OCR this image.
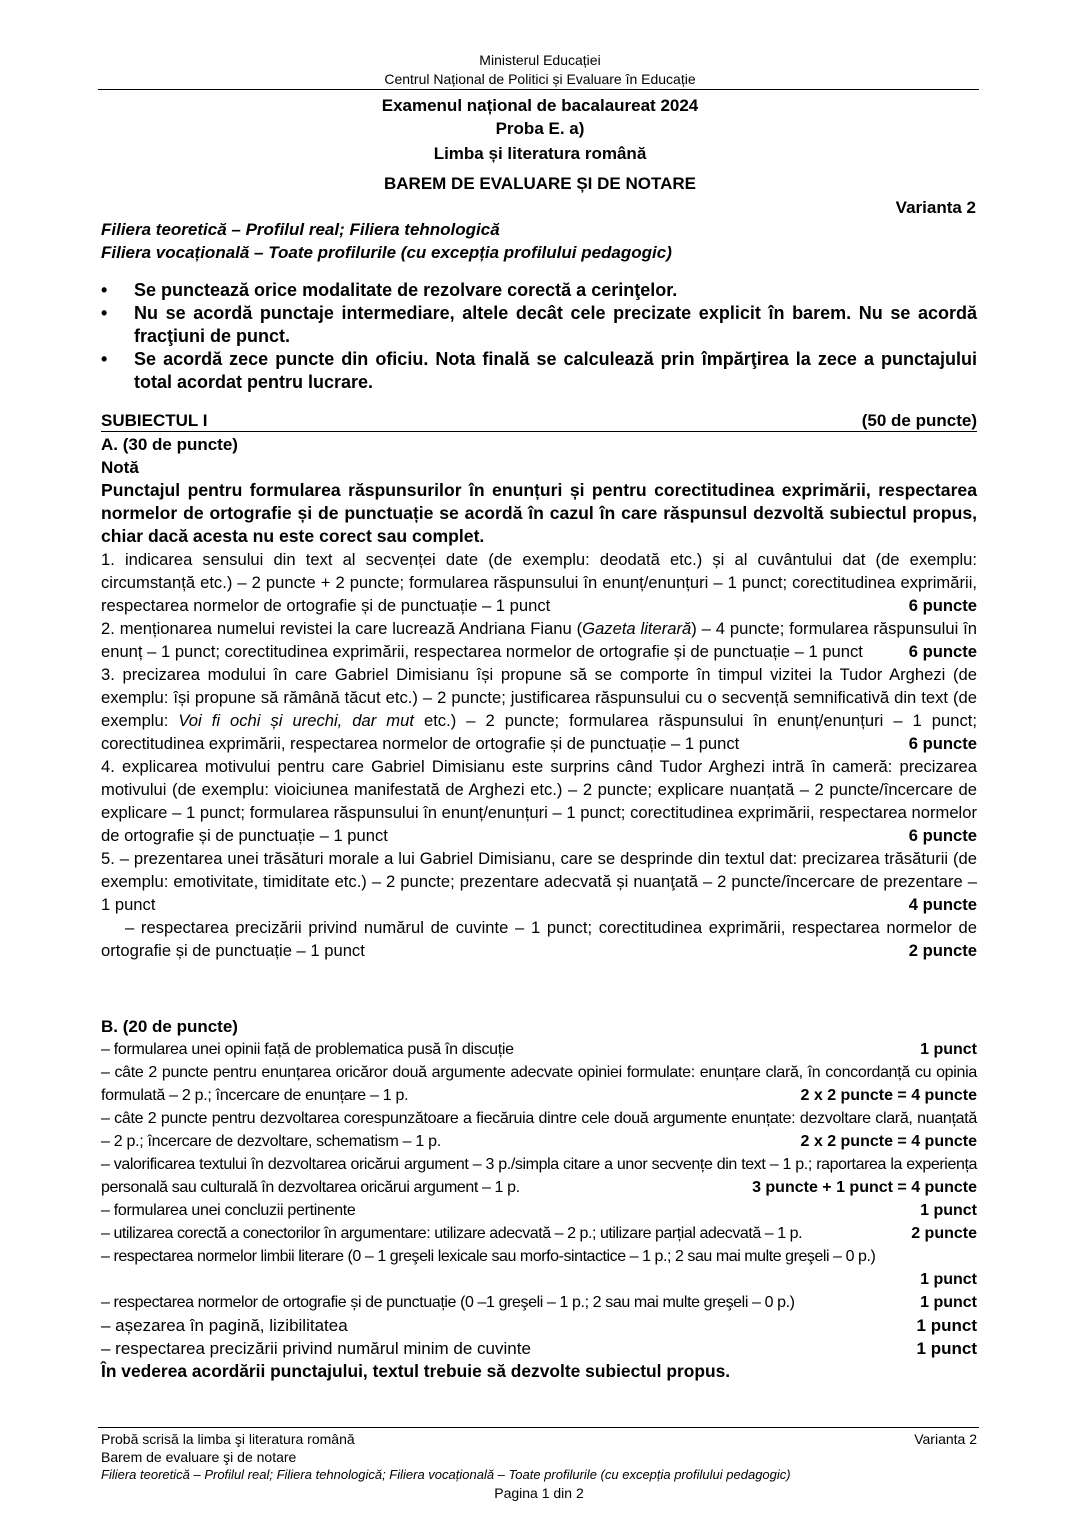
Ministerul Educației
Centrul Național de Politici și Evaluare în Educație
Examenul național de bacalaureat 2024
Proba E. a)
Limba și literatura română
BAREM DE EVALUARE ȘI DE NOTARE
Varianta 2
Filiera teoretică – Profilul real; Filiera tehnologică
Filiera vocațională – Toate profilurile (cu excepția profilului pedagogic)
• Se punctează orice modalitate de rezolvare corectă a cerinţelor.
• Nu se acordă punctaje intermediare, altele decât cele precizate explicit în barem. Nu se acordă fracţiuni de punct.
• Se acordă zece puncte din oficiu. Nota finală se calculează prin împărţirea la zece a punctajului total acordat pentru lucrare.
SUBIECTUL I	(50 de puncte)
A. (30 de puncte)
Notă
Punctajul pentru formularea răspunsurilor în enunțuri și pentru corectitudinea exprimării, respectarea normelor de ortografie și de punctuație se acordă în cazul în care răspunsul dezvoltă subiectul propus, chiar dacă acesta nu este corect sau complet.
1. indicarea sensului din text al secvenței date (de exemplu: deodată etc.) și al cuvântului dat (de exemplu: circumstanță etc.) – 2 puncte + 2 puncte; formularea răspunsului în enunț/enunțuri – 1 punct; corectitudinea exprimării, respectarea normelor de ortografie și de punctuație – 1 punct	6 puncte
2. menționarea numelui revistei la care lucrează Andriana Fianu (Gazeta literară) – 4 puncte; formularea răspunsului în enunț – 1 punct; corectitudinea exprimării, respectarea normelor de ortografie și de punctuație – 1 punct	6 puncte
3. precizarea modului în care Gabriel Dimisianu își propune să se comporte în timpul vizitei la Tudor Arghezi (de exemplu: își propune să rămână tăcut etc.) – 2 puncte; justificarea răspunsului cu o secvență semnificativă din text (de exemplu: Voi fi ochi și urechi, dar mut etc.) – 2 puncte; formularea răspunsului în enunț/enunțuri – 1 punct; corectitudinea exprimării, respectarea normelor de ortografie și de punctuație – 1 punct	6 puncte
4. explicarea motivului pentru care Gabriel Dimisianu este surprins când Tudor Arghezi intră în cameră: precizarea motivului (de exemplu: vioiciunea manifestată de Arghezi etc.) – 2 puncte; explicare nuanțată – 2 puncte/încercare de explicare – 1 punct; formularea răspunsului în enunț/enunțuri – 1 punct; corectitudinea exprimării, respectarea normelor de ortografie și de punctuație – 1 punct	6 puncte
5. – prezentarea unei trăsături morale a lui Gabriel Dimisianu, care se desprinde din textul dat: precizarea trăsăturii (de exemplu: emotivitate, timiditate etc.) – 2 puncte; prezentare adecvată și nuanţată – 2 puncte/încercare de prezentare – 1 punct	4 puncte
– respectarea precizării privind numărul de cuvinte – 1 punct; corectitudinea exprimării, respectarea normelor de ortografie și de punctuație – 1 punct	2 puncte
B. (20 de puncte)
– formularea unei opinii față de problematica pusă în discuție	1 punct
– câte 2 puncte pentru enunțarea oricăror două argumente adecvate opiniei formulate: enunțare clară, în concordanță cu opinia formulată – 2 p.; încercare de enunțare – 1 p.	2 x 2 puncte = 4 puncte
– câte 2 puncte pentru dezvoltarea corespunzătoare a fiecăruia dintre cele două argumente enunțate: dezvoltare clară, nuanțată – 2 p.; încercare de dezvoltare, schematism – 1 p.	2 x 2 puncte = 4 puncte
– valorificarea textului în dezvoltarea oricărui argument – 3 p./simpla citare a unor secvențe din text – 1 p.; raportarea la experiența personală sau culturală în dezvoltarea oricărui argument – 1 p.	3 puncte + 1 punct = 4 puncte
– formularea unei concluzii pertinente	1 punct
– utilizarea corectă a conectorilor în argumentare: utilizare adecvată – 2 p.; utilizare parțial adecvată – 1 p.	2 puncte
– respectarea normelor limbii literare (0 – 1 greşeli lexicale sau morfo-sintactice – 1 p.; 2 sau mai multe greşeli – 0 p.)
1 punct
– respectarea normelor de ortografie și de punctuație (0 –1 greşeli – 1 p.; 2 sau mai multe greşeli – 0 p.)	1 punct
– așezarea în pagină, lizibilitatea	1 punct
– respectarea precizării privind numărul minim de cuvinte	1 punct
În vederea acordării punctajului, textul trebuie să dezvolte subiectul propus.
Probă scrisă la limba şi literatura română	Varianta 2
Barem de evaluare şi de notare
Filiera teoretică – Profilul real; Filiera tehnologică; Filiera vocațională – Toate profilurile (cu excepția profilului pedagogic)
Pagina 1 din 2
